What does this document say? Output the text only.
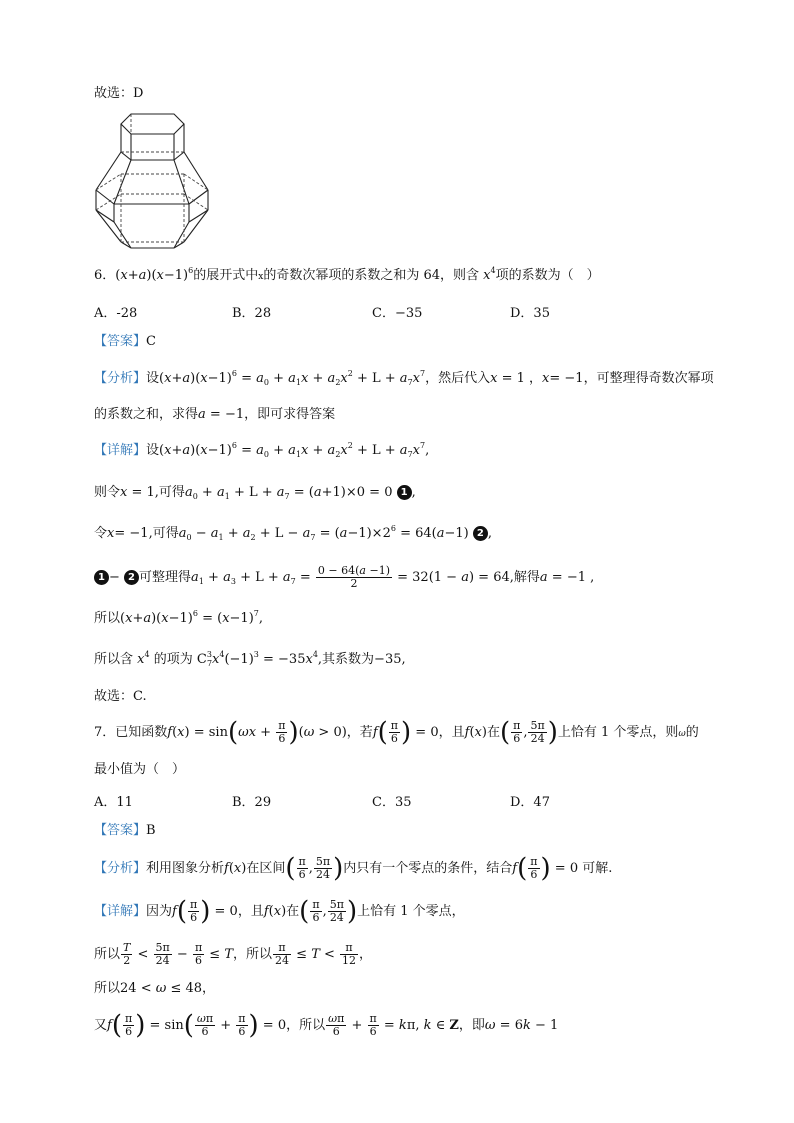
故选：D
6．$(x+a)(x-1)^6$的展开式中x的奇数次幂项的系数之和为 64，则含 $x^4$项的系数为（　）
A．-28	B．28	C．−35	D．35
【答案】C
【分析】设$(x+a)(x-1)^6 = a_0 + a_1x + a_2x^2 + L + a_7x^7$，然后代入x = 1 ，x= −1，可整理得奇数次幂项
的系数之和，求得a = −1，即可求得答案
【详解】设$(x+a)(x-1)^6 = a_0 + a_1x + a_2x^2 + L + a_7x^7$,
则令x = 1,可得$a_0 + a_1 + L + a_7 = (a+1)\times 0 = 0$ 1 ,
令x= −1,可得$a_0 - a_1 + a_2 + L - a_7 = (a-1)\times 2^6 = 64(a-1)$ 2 ,
1 − 2 可整理得$a_1 + a_3 + L + a_7 = \frac{0 - 64(a -1)}{2} = 32(1 - a) = 64$,解得a = −1 ,
所以$(x+a)(x-1)^6 = (x-1)^7$,
所以含 $x^4$ 的项为 $C^3_7x^4(-1)^3 = -35x^4$,其系数为−35,
故选：C.
7．已知函数$f(x) = \sin(\omega x + \frac{\pi}{6} )(\omega > 0)$，若$f( \frac{\pi}{6}$ ) = 0，且f(x)在( $\frac{\pi}{6}$ , $\frac{5\pi}{24}$ )上恰有 1 个零点，则ω的
最小值为（　）
A．11	B．29	C．35	D．47
【答案】B
【分析】利用图象分析f(x)在区间( $\frac{\pi}{6}$ , $\frac{5\pi}{24}$ )内只有一个零点的条件，结合$f( \frac{\pi}{6}$ ) = 0 可解.
【详解】因为$f( \frac{\pi}{6}$ ) = 0，且f(x)在( $\frac{\pi}{6}$ , $\frac{5\pi}{24}$ )上恰有 1 个零点，
所以 $\frac{T}{2} < \frac{5\pi}{24} - \frac{\pi}{6} \le T$，所以 $\frac{\pi}{24} \le T < \frac{\pi}{12}$ ，
所以24 < ω ≤ 48，
又$f( \frac{\pi}{6}$ ) = $\sin( \frac{\omega\pi}{6} + \frac{\pi}{6}$ ) = 0，所以 $\frac{\omega\pi}{6} + \frac{\pi}{6} = k\pi$, k ∈ Z，即ω = 6k − 1
